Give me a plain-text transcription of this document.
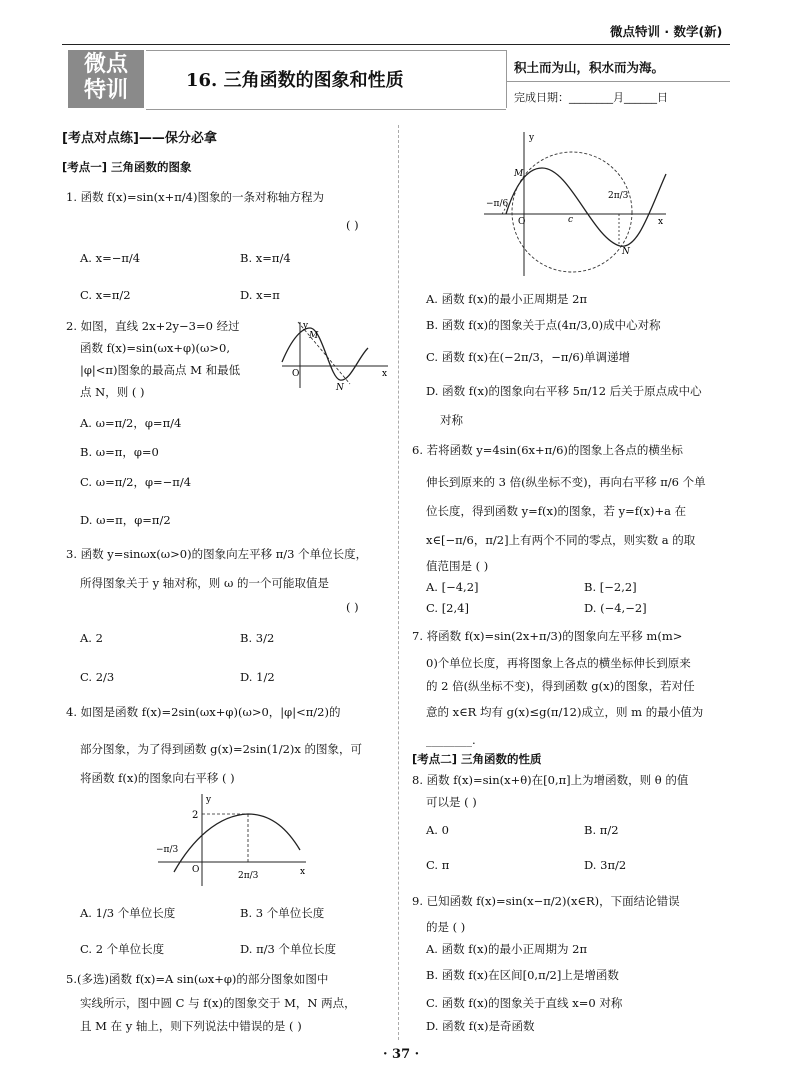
微点特训 · 数学(新)
微点
特训	16. 三角函数的图象和性质
积土而为山，积水而为海。
完成日期：________月______日
[考点对点练]——保分必拿
[考点一] 三角函数的图象
1. 函数 f(x)=sin(x+π/4)图象的一条对称轴方程为
( )
A. x=−π/4	B. x=π/4
C. x=π/2	D. x=π
2. 如图，直线 2x+2y−3=0 经过
函数 f(x)=sin(ωx+φ)(ω>0,
|φ|<π)图象的最高点 M 和最低
点 N，则 ( )
A. ω=π/2，φ=π/4
B. ω=π，φ=0
C. ω=π/2，φ=−π/4
D. ω=π，φ=π/2
y
O	x
M
N
3. 函数 y=sinωx(ω>0)的图象向左平移 π/3 个单位长度，
所得图象关于 y 轴对称，则 ω 的一个可能取值是
( )
A. 2	B. 3/2
C. 2/3	D. 1/2
4. 如图是函数 f(x)=2sin(ωx+φ)(ω>0，|φ|<π/2)的
部分图象，为了得到函数 g(x)=2sin(1/2)x 的图象，可
将函数 f(x)的图象向右平移 ( )
y
O	x
2
−π/3
2π/3
A. 1/3 个单位长度	B. 3 个单位长度
C. 2 个单位长度	D. π/3 个单位长度
5.(多选)函数 f(x)=A sin(ωx+φ)的部分图象如图中
实线所示，图中圆 C 与 f(x)的图象交于 M，N 两点，
且 M 在 y 轴上，则下列说法中错误的是 ( )
y
O	x
M
N
c
−π/6
2π/3
A. 函数 f(x)的最小正周期是 2π
B. 函数 f(x)的图象关于点(4π/3,0)成中心对称
C. 函数 f(x)在(−2π/3，−π/6)单调递增
D. 函数 f(x)的图象向右平移 5π/12 后关于原点成中心
对称
6. 若将函数 y=4sin(6x+π/6)的图象上各点的横坐标
伸长到原来的 3 倍(纵坐标不变)，再向右平移 π/6 个单
位长度，得到函数 y=f(x)的图象，若 y=f(x)+a 在
x∈[−π/6，π/2]上有两个不同的零点，则实数 a 的取
值范围是 ( )
A. [−4,2]	B. [−2,2]
C. [2,4]	D. (−4,−2]
7. 将函数 f(x)=sin(2x+π/3)的图象向左平移 m(m>
0)个单位长度，再将图象上各点的横坐标伸长到原来
的 2 倍(纵坐标不变)，得到函数 g(x)的图象，若对任
意的 x∈R 均有 g(x)≤g(π/12)成立，则 m 的最小值为
________.
[考点二] 三角函数的性质
8. 函数 f(x)=sin(x+θ)在[0,π]上为增函数，则 θ 的值
可以是 ( )
A. 0	B. π/2
C. π	D. 3π/2
9. 已知函数 f(x)=sin(x−π/2)(x∈R)，下面结论错误
的是 ( )
A. 函数 f(x)的最小正周期为 2π
B. 函数 f(x)在区间[0,π/2]上是增函数
C. 函数 f(x)的图象关于直线 x=0 对称
D. 函数 f(x)是奇函数
· 37 ·
